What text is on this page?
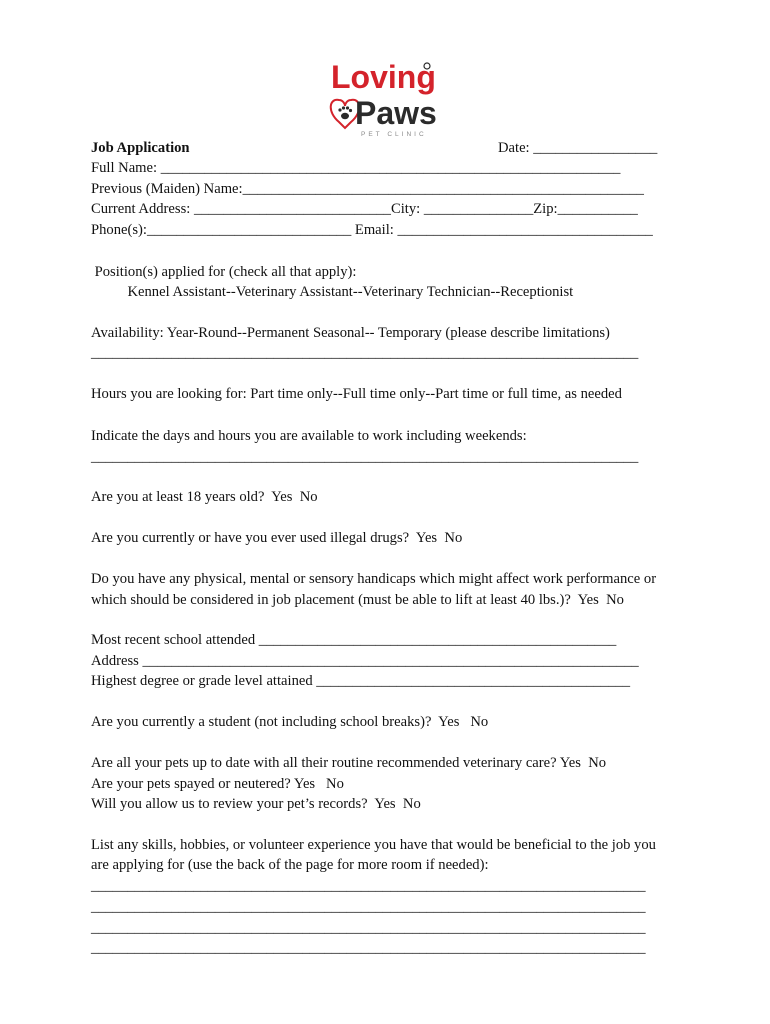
Loving
Paws
PET CLINIC
Job Application	Date: _________________
Full Name: _______________________________________________________________
Previous (Maiden) Name:_______________________________________________________
Current Address: ___________________________City: _______________Zip:___________
Phone(s):____________________________ Email: ___________________________________
Position(s) applied for (check all that apply):
Kennel Assistant--Veterinary Assistant--Veterinary Technician--Receptionist
Availability: Year-Round--Permanent Seasonal-- Temporary (please describe limitations)
___________________________________________________________________________
Hours you are looking for: Part time only--Full time only--Part time or full time, as needed
Indicate the days and hours you are available to work including weekends:
___________________________________________________________________________
Are you at least 18 years old?  Yes  No
Are you currently or have you ever used illegal drugs?  Yes  No
Do you have any physical, mental or sensory handicaps which might affect work performance or
which should be considered in job placement (must be able to lift at least 40 lbs.)?  Yes  No
Most recent school attended _________________________________________________
Address ____________________________________________________________________
Highest degree or grade level attained ___________________________________________
Are you currently a student (not including school breaks)?  Yes   No
Are all your pets up to date with all their routine recommended veterinary care? Yes  No
Are your pets spayed or neutered? Yes   No
Will you allow us to review your pet’s records?  Yes  No
List any skills, hobbies, or volunteer experience you have that would be beneficial to the job you
are applying for (use the back of the page for more room if needed):
____________________________________________________________________________
____________________________________________________________________________
____________________________________________________________________________
____________________________________________________________________________
